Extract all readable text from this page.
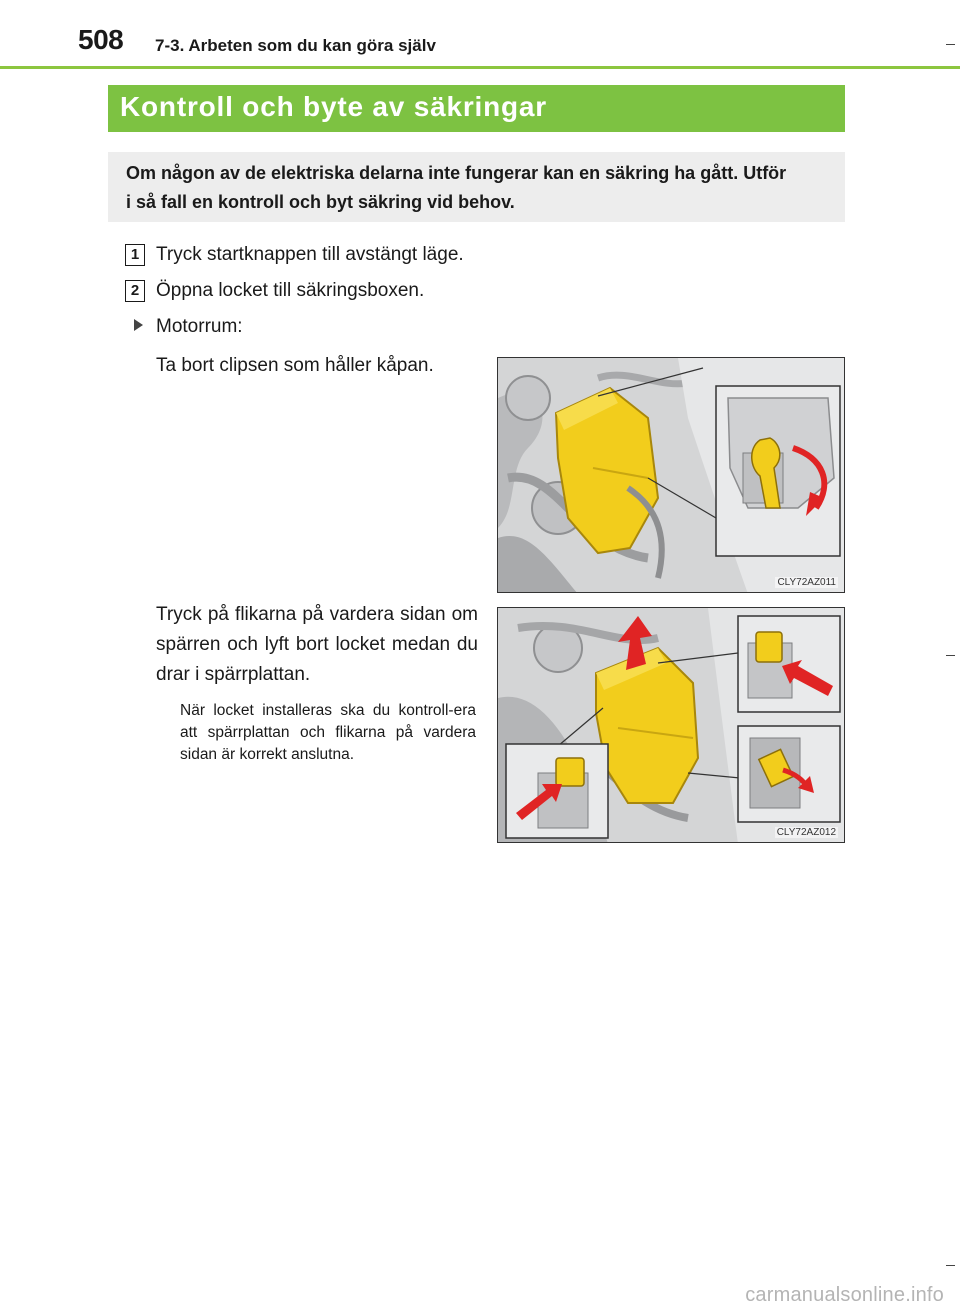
508 7-3. Arbeten som du kan göra själv
Kontroll och byte av säkringar
Om någon av de elektriska delarna inte fungerar kan en säkring ha gått. Utför
i så fall en kontroll och byt säkring vid behov.
1 Tryck startknappen till avstängt läge.
2 Öppna locket till säkringsboxen.
Motorrum:
Ta bort clipsen som håller kåpan.
Tryck på flikarna på vardera sidan om spärren och lyft bort locket medan du drar i spärrplattan.
När locket installeras ska du kontroll-era att spärrplattan och flikarna på vardera sidan är korrekt anslutna.
CLY72AZ011
CLY72AZ012
carmanualsonline.info
